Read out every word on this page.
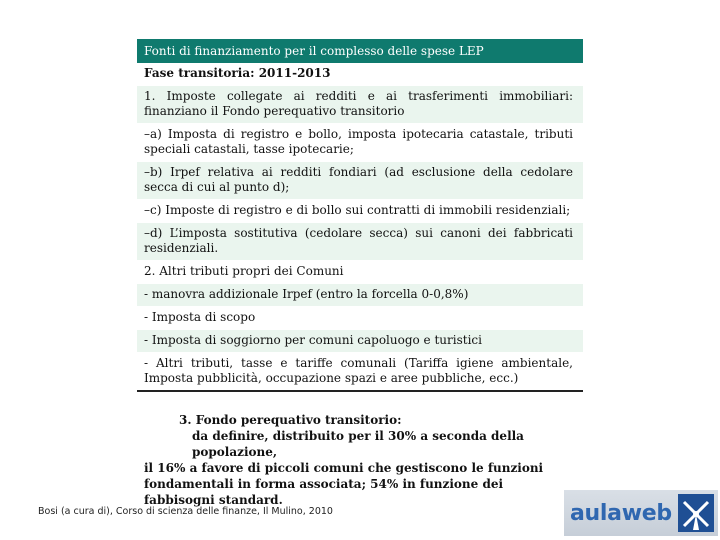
Fonti di finanziamento per il complesso delle spese LEP
Fase transitoria: 2011-2013
1. Imposte collegate ai redditi e ai trasferimenti immobiliari: finanziano il Fondo perequativo transitorio
–a) Imposta di registro e bollo, imposta ipotecaria catastale, tributi speciali catastali, tasse ipotecarie;
–b) Irpef relativa ai redditi fondiari (ad esclusione della cedolare secca di cui al punto d);
–c) Imposte di registro e di bollo sui contratti di immobili residenziali;
–d) L’imposta sostitutiva (cedolare secca) sui canoni dei fabbricati residenziali.
2. Altri tributi propri dei Comuni
- manovra addizionale Irpef (entro la forcella 0-0,8%)
- Imposta di scopo
- Imposta di soggiorno per comuni capoluogo e turistici
- Altri tributi, tasse e tariffe comunali (Tariffa igiene ambientale, Imposta pubblicità, occupazione spazi e aree pubbliche, ecc.)
3. Fondo perequativo transitorio:
da definire, distribuito per il 30% a seconda della popolazione,
il 16% a favore di piccoli comuni che gestiscono le funzioni fondamentali in forma associata; 54% in funzione dei fabbisogni standard.
Bosi (a cura di), Corso di scienza delle finanze, Il Mulino, 2010	aulaweb
